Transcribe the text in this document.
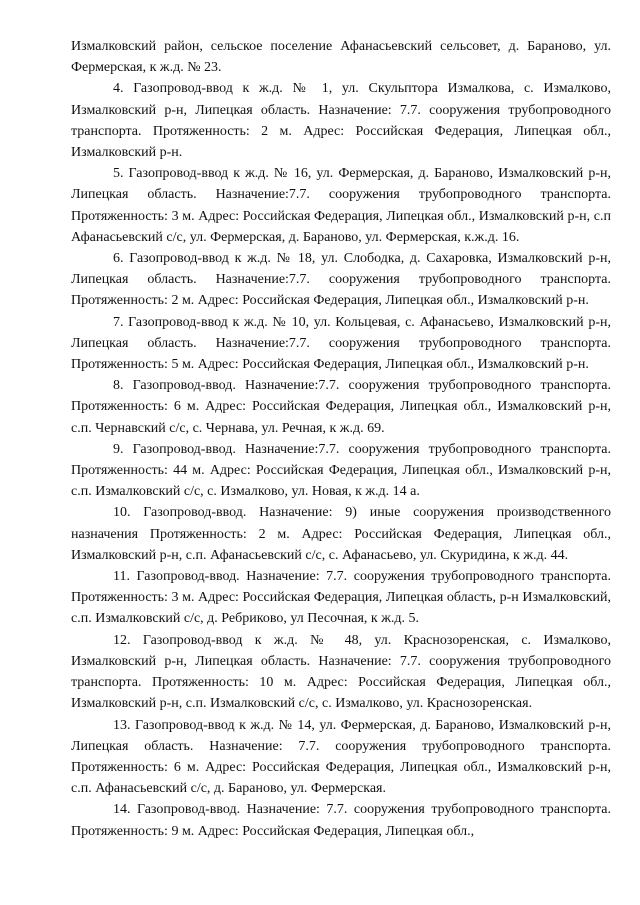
Измалковский район, сельское поселение Афанасьевский сельсовет, д. Бараново, ул. Фермерская, к ж.д. № 23.

4. Газопровод-ввод к ж.д. № 1, ул. Скульптора Измалкова, с. Измалково, Измалковский р-н, Липецкая область. Назначение: 7.7. сооружения трубопроводного транспорта. Протяженность: 2 м. Адрес: Российская Федерация, Липецкая обл., Измалковский р-н.

5. Газопровод-ввод к ж.д. № 16, ул. Фермерская, д. Бараново, Измалковский р-н, Липецкая область. Назначение:7.7. сооружения трубопроводного транспорта. Протяженность: 3 м. Адрес: Российская Федерация, Липецкая обл., Измалковский р-н, с.п Афанасьевский с/с, ул. Фермерская, д. Бараново, ул. Фермерская, к.ж.д. 16.

6. Газопровод-ввод к ж.д. № 18, ул. Слободка, д. Сахаровка, Измалковский р-н, Липецкая область. Назначение:7.7. сооружения трубопроводного транспорта. Протяженность: 2 м. Адрес: Российская Федерация, Липецкая обл., Измалковский р-н.

7. Газопровод-ввод к ж.д. № 10, ул. Кольцевая, с. Афанасьево, Измалковский р-н, Липецкая область. Назначение:7.7. сооружения трубопроводного транспорта. Протяженность: 5 м. Адрес: Российская Федерация, Липецкая обл., Измалковский р-н.

8. Газопровод-ввод. Назначение:7.7. сооружения трубопроводного транспорта. Протяженность: 6 м. Адрес: Российская Федерация, Липецкая обл., Измалковский р-н, с.п. Чернавский с/с, с. Чернава, ул. Речная, к ж.д. 69.

9. Газопровод-ввод. Назначение:7.7. сооружения трубопроводного транспорта. Протяженность: 44 м. Адрес: Российская Федерация, Липецкая обл., Измалковский р-н, с.п. Измалковский с/с, с. Измалково, ул. Новая, к ж.д. 14 а.

10. Газопровод-ввод. Назначение: 9) иные сооружения производственного назначения Протяженность: 2 м. Адрес: Российская Федерация, Липецкая обл., Измалковский р-н, с.п. Афанасьевский с/с, с. Афанасьево, ул. Скуридина, к ж.д. 44.

11. Газопровод-ввод. Назначение: 7.7. сооружения трубопроводного транспорта. Протяженность: 3 м. Адрес: Российская Федерация, Липецкая область, р-н Измалковский, с.п. Измалковский с/с, д. Ребриково, ул Песочная, к ж.д. 5.

12. Газопровод-ввод к ж.д. № 48, ул. Краснозоренская, с. Измалково, Измалковский р-н, Липецкая область. Назначение: 7.7. сооружения трубопроводного транспорта. Протяженность: 10 м. Адрес: Российская Федерация, Липецкая обл., Измалковский р-н, с.п. Измалковский с/с, с. Измалково, ул. Краснозоренская.

13. Газопровод-ввод к ж.д. № 14, ул. Фермерская, д. Бараново, Измалковский р-н, Липецкая область. Назначение: 7.7. сооружения трубопроводного транспорта. Протяженность: 6 м. Адрес: Российская Федерация, Липецкая обл., Измалковский р-н, с.п. Афанасьевский с/с, д. Бараново, ул. Фермерская.

14. Газопровод-ввод. Назначение: 7.7. сооружения трубопроводного транспорта. Протяженность: 9 м. Адрес: Российская Федерация, Липецкая обл.,
